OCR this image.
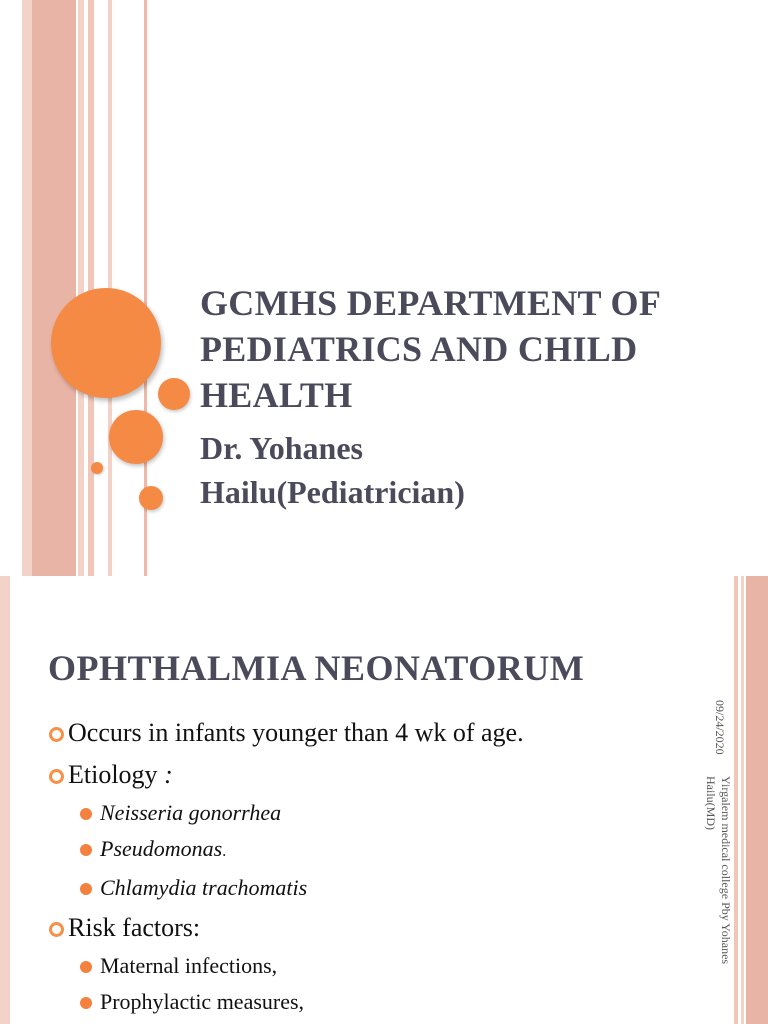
GCMHS DEPARTMENT OF
PEDIATRICS AND CHILD
HEALTH

Dr. Yohanes
Hailu(Pediatrician)

OPHTHALMIA NEONATORUM
Occurs in infants younger than 4 wk of age.
Etiology :
Neisseria gonorrhea
Pseudomonas.
Chlamydia trachomatis
Risk factors:
Maternal infections,
Prophylactic measures,
09/24/2020
Yirgalem medical college Pby Yohanes
Hailu(MD)
